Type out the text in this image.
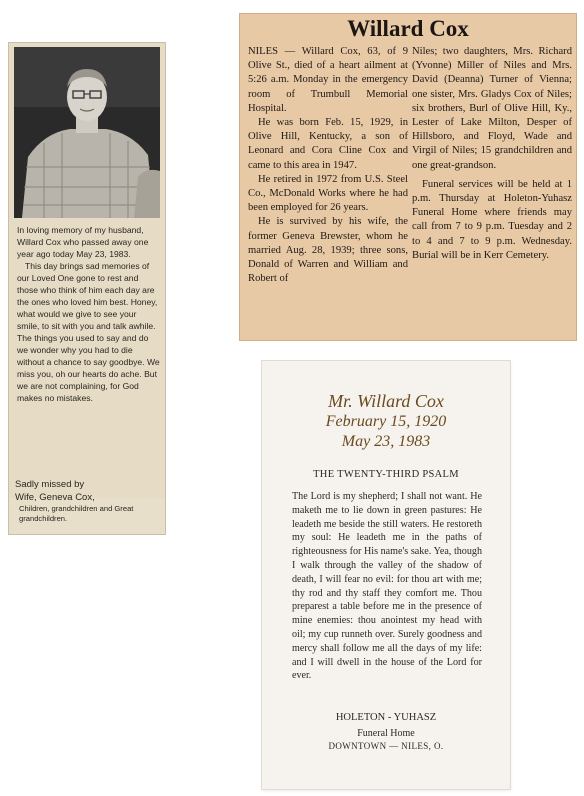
In loving memory of my husband, Willard Cox who passed away one year ago today May 23, 1983.

This day brings sad memories of our Loved One gone to rest and those who think of him each day are the ones who loved him best. Honey, what would we give to see your smile, to sit with you and talk awhile. The things you used to say and do we wonder why you had to die without a chance to say goodbye. We miss you, oh our hearts do ache. But we are not complaining, for God makes no mistakes.

Sadly missed by
Wife, Geneva Cox,
Children, grandchildren and Great grandchildren.
Willard Cox

NILES — Willard Cox, 63, of 9 Olive St., died of a heart ailment at 5:26 a.m. Monday in the emergency room of Trumbull Memorial Hospital.

He was born Feb. 15, 1929, in Olive Hill, Kentucky, a son of Leonard and Cora Cline Cox and came to this area in 1947.

He retired in 1972 from U.S. Steel Co., McDonald Works where he had been employed for 26 years.

He is survived by his wife, the former Geneva Brewster, whom he married Aug. 28, 1939; three sons, Donald of Warren and William and Robert of

Niles; two daughters, Mrs. Richard (Yvonne) Miller of Niles and Mrs. David (Deanna) Turner of Vienna; one sister, Mrs. Gladys Cox of Niles; six brothers, Burl of Olive Hill, Ky., Lester of Lake Milton, Desper of Hillsboro, and Floyd, Wade and Virgil of Niles; 15 grandchildren and one great-grandson.

Funeral services will be held at 1 p.m. Thursday at Holeton-Yuhasz Funeral Home where friends may call from 7 to 9 p.m. Tuesday and 2 to 4 and 7 to 9 p.m. Wednesday. Burial will be in Kerr Cemetery.

Mr. Willard Cox
February 15, 1920
May 23, 1983
THE TWENTY-THIRD PSALM
The Lord is my shepherd; I shall not want. He maketh me to lie down in green pastures: He leadeth me beside the still waters. He restoreth my soul: He leadeth me in the paths of righteousness for His name's sake. Yea, though I walk through the valley of the shadow of death, I will fear no evil: for thou art with me; thy rod and thy staff they comfort me. Thou preparest a table before me in the presence of mine enemies: thou anointest my head with oil; my cup runneth over. Surely goodness and mercy shall follow me all the days of my life: and I will dwell in the house of the Lord for ever.
HOLETON - YUHASZ
Funeral Home
DOWNTOWN — NILES, O.
